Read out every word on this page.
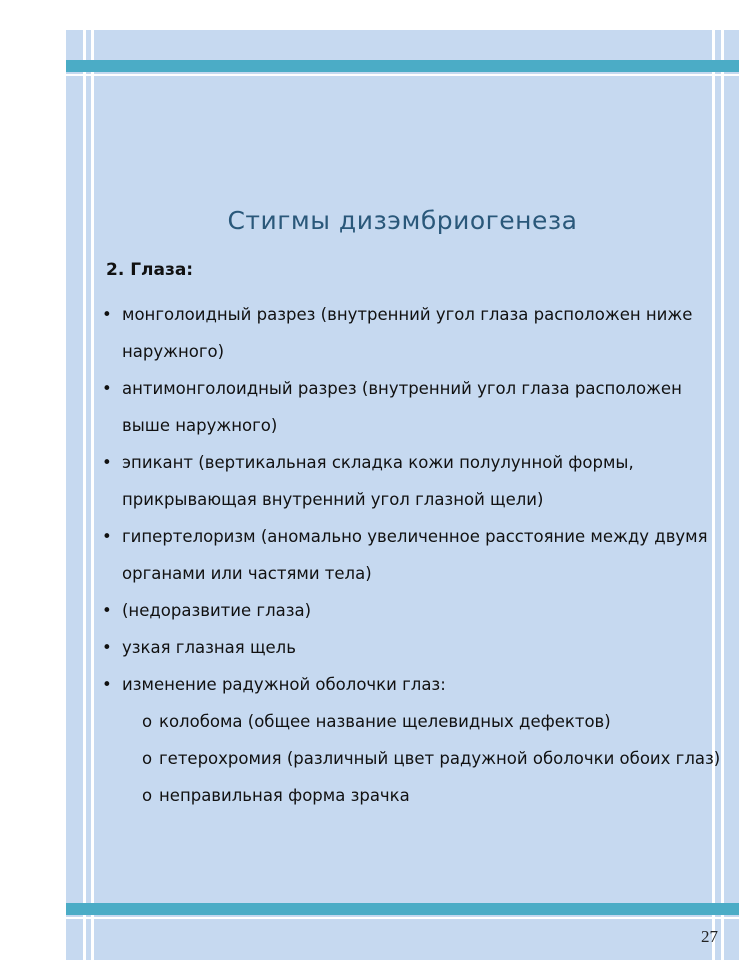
Стигмы дизэмбриогенеза
2. Глаза:
• монголоидный разрез (внутренний угол глаза расположен ниже наружного)
• антимонголоидный разрез (внутренний угол глаза расположен выше наружного)
• эпикант (вертикальная складка кожи полулунной формы, прикрывающая внутренний угол глазной щели)
• гипертелоризм (аномально увеличенное расстояние между двумя органами или частями тела)
• (недоразвитие глаза)
• узкая глазная щель
• изменение радужной оболочки глаз:
o колобома (общее название щелевидных дефектов)
o гетерохромия (различный цвет радужной оболочки обоих глаз)
o неправильная форма зрачка
27
